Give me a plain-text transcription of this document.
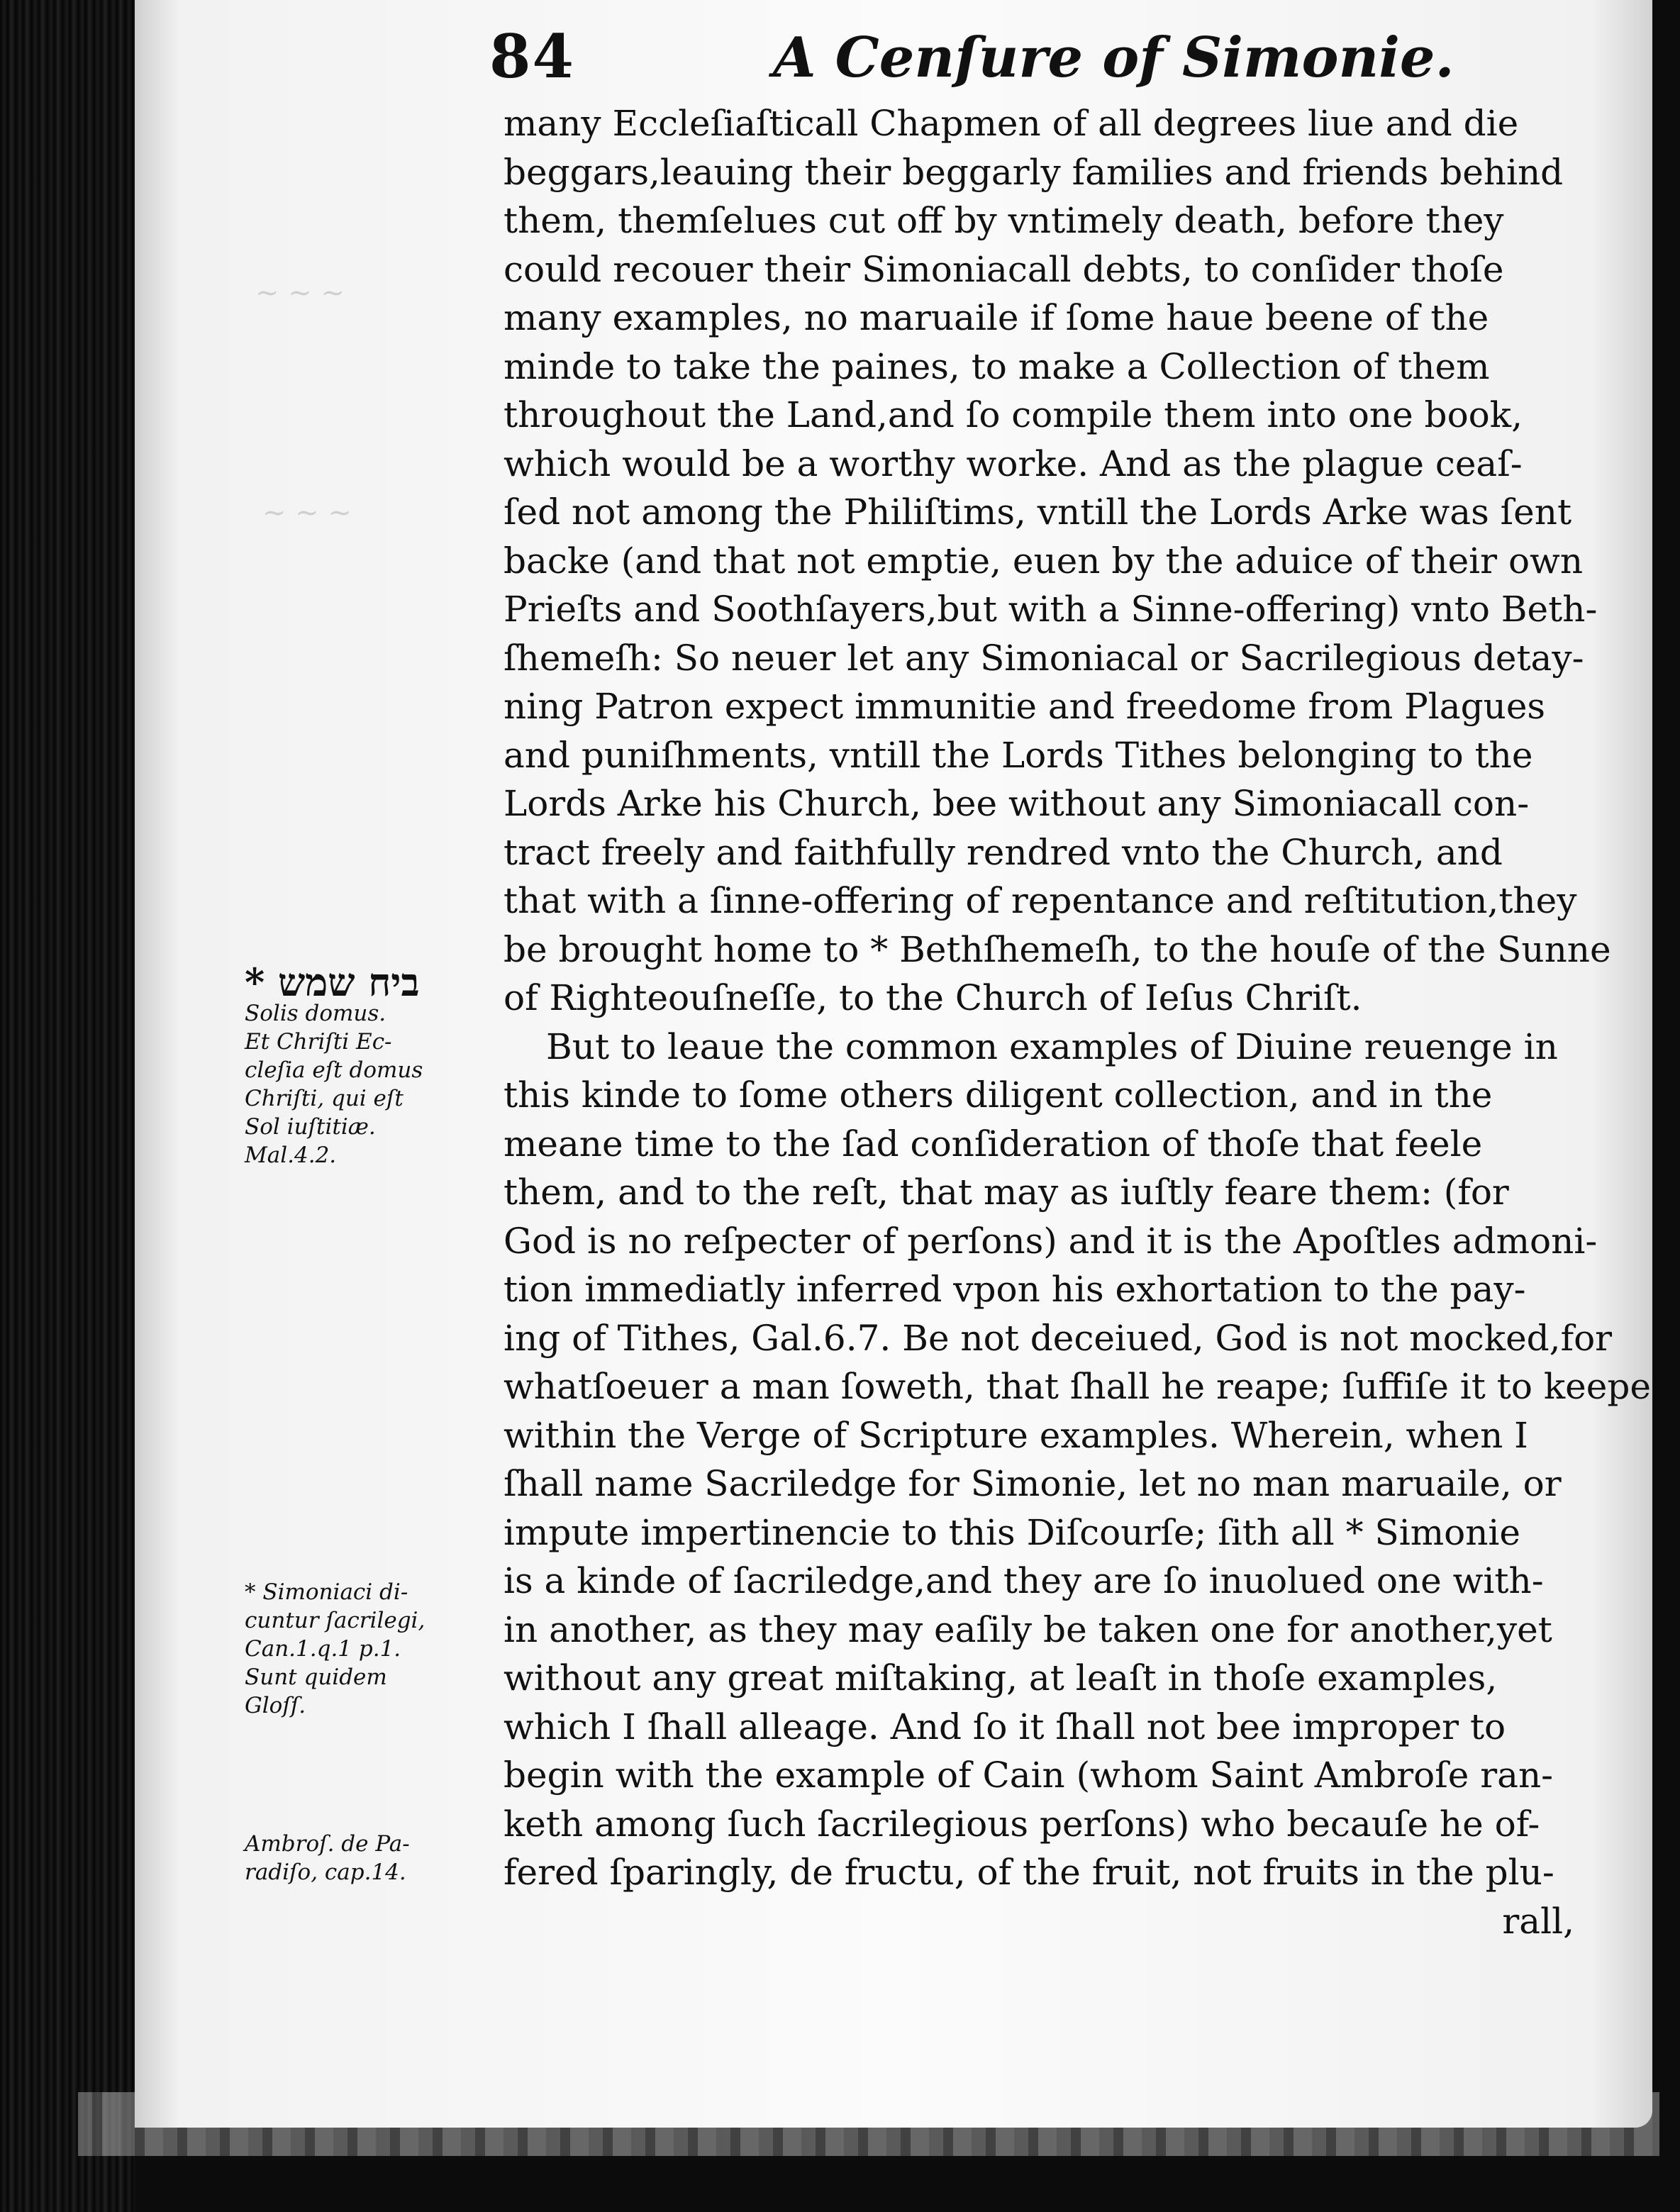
~ ~ ~
~ ~ ~
84	A Cenſure of Simonie.
many Eccleſiaſticall Chapmen of all degrees liue and die
beggars,leauing their beggarly families and friends behind
them, themſelues cut off by vntimely death, before they
could recouer their Simoniacall debts, to conſider thoſe
many examples, no maruaile if ſome haue beene of the
minde to take the paines, to make a Collection of them
throughout the Land,and ſo compile them into one book,
which would be a worthy worke. And as the plague ceaſ-
ſed not among the Philiſtims, vntill the Lords Arke was ſent
backe (and that not emptie, euen by the aduice of their own
Prieſts and Soothſayers,but with a Sinne-offering) vnto Beth-
ſhemeſh: So neuer let any Simoniacal or Sacrilegious detay-
ning Patron expect immunitie and freedome from Plagues
and puniſhments, vntill the Lords Tithes belonging to the
Lords Arke his Church, bee without any Simoniacall con-
tract freely and faithfully rendred vnto the Church, and
that with a ſinne-offering of repentance and reſtitution,they
be brought home to * Bethſhemeſh, to the houſe of the Sunne
of Righteouſneſſe, to the Church of Ieſus Chriſt.
But to leaue the common examples of Diuine reuenge in
this kinde to ſome others diligent collection, and in the
meane time to the ſad conſideration of thoſe that feele
them, and to the reſt, that may as iuſtly feare them: (for
God is no reſpecter of perſons) and it is the Apoſtles admoni-
tion immediatly inferred vpon his exhortation to the pay-
ing of Tithes, Gal.6.7. Be not deceiued, God is not mocked,for
whatſoeuer a man ſoweth, that ſhall he reape; ſuffiſe it to keepe
within the Verge of Scripture examples. Wherein, when I
ſhall name Sacriledge for Simonie, let no man maruaile, or
impute impertinencie to this Diſcourſe; ſith all * Simonie
is a kinde of ſacriledge,and they are ſo inuolued one with-
in another, as they may eaſily be taken one for another,yet
without any great miſtaking, at leaſt in thoſe examples,
which I ſhall alleage. And ſo it ſhall not bee improper to
begin with the example of Cain (whom Saint Ambroſe ran-
keth among ſuch ſacrilegious perſons) who becauſe he of-
fered ſparingly, de fructu, of the fruit, not fruits in the plu-
rall,
* ביח שמש
Solis domus.
Et Chriſti Ec-
cleſia eſt domus
Chriſti, qui eſt
Sol iuſtitiæ.
Mal.4.2.
* Simoniaci di-
cuntur ſacrilegi,
Can.1.q.1 p.1.
Sunt quidem
Gloſſ.
Ambroſ. de Pa-
radiſo, cap.14.
